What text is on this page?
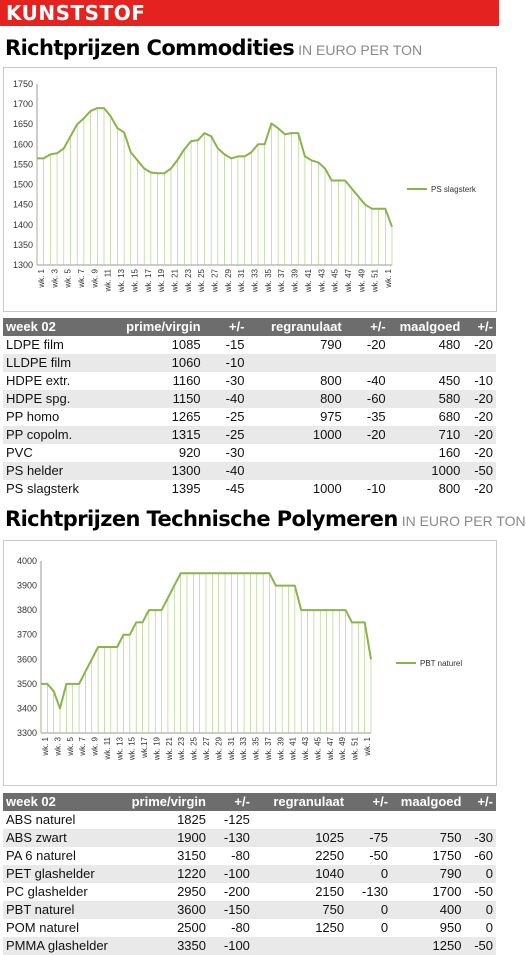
KUNSTSTOF
Richtprijzen Commodities IN EURO PER TON
1300
1350
1400
1450
1500
1550
1600
1650
1700
1750
wk. 1 wk. 3 wk. 5 wk. 7 wk. 9 wk. 11 wk. 13 wk. 15 wk. 17 wk. 19 wk. 21 wk. 23 wk. 25 wk. 27 wk. 29 wk. 31 wk. 33 wk. 35 wk. 37 wk. 39 wk. 41 wk. 43 wk. 45 wk. 47 wk. 49 wk. 51 wk. 1
PS slagsterk
week 02	prime/virgin	+/-	regranulaat	+/-	maalgoed	+/-
LDPE film	1085	-15	790	-20	480	-20
LLDPE film	1060	-10				
HDPE extr.	1160	-30	800	-40	450	-10
HDPE spg.	1150	-40	800	-60	580	-20
PP homo	1265	-25	975	-35	680	-20
PP copolm.	1315	-25	1000	-20	710	-20
PVC	920	-30			160	-20
PS helder	1300	-40			1000	-50
PS slagsterk	1395	-45	1000	-10	800	-20
Richtprijzen Technische Polymeren IN EURO PER TON
3300
3400
3500
3600
3700
3800
3900
4000
wk. 1 wk. 3 wk. 5 wk. 7 wk. 9 wk. 11 wk. 13 wk. 15 wk.17 wk. 19 wk. 21 wk. 23 wk. 25 wk. 27 wk. 29 wk. 31 wk. 33 wk. 35 wk. 37 wk. 39 wk. 41 wk. 43 wk. 45 wk. 47 wk. 49 wk. 51 wk. 1
PBT naturel
week 02	prime/virgin	+/-	regranulaat	+/-	maalgoed	+/-
ABS naturel	1825	-125				
ABS zwart	1900	-130	1025	-75	750	-30
PA 6 naturel	3150	-80	2250	-50	1750	-60
PET glashelder	1220	-100	1040	0	790	0
PC glashelder	2950	-200	2150	-130	1700	-50
PBT naturel	3600	-150	750	0	400	0
POM naturel	2500	-80	1250	0	950	0
PMMA glashelder	3350	-100			1250	-50
